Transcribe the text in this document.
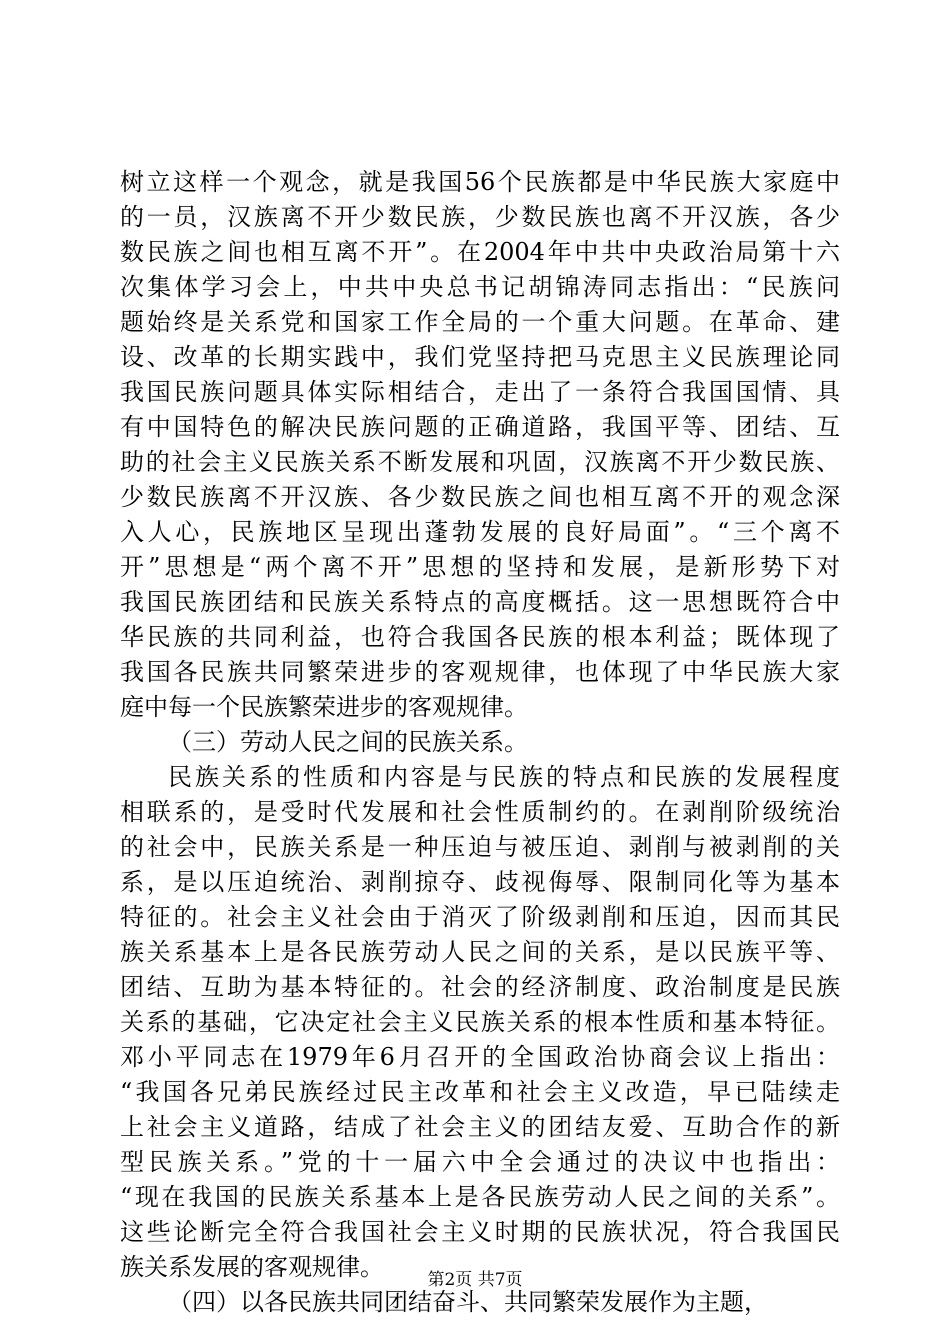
树立这样一个观念，就是我国56个民族都是中华民族大家庭中
的一员，汉族离不开少数民族，少数民族也离不开汉族，各少
数民族之间也相互离不开”。在2004年中共中央政治局第十六
次集体学习会上，中共中央总书记胡锦涛同志指出：“民族问
题始终是关系党和国家工作全局的一个重大问题。在革命、建
设、改革的长期实践中，我们党坚持把马克思主义民族理论同
我国民族问题具体实际相结合，走出了一条符合我国国情、具
有中国特色的解决民族问题的正确道路，我国平等、团结、互
助的社会主义民族关系不断发展和巩固，汉族离不开少数民族、
少数民族离不开汉族、各少数民族之间也相互离不开的观念深
入人心，民族地区呈现出蓬勃发展的良好局面”。“三个离不
开”思想是“两个离不开”思想的坚持和发展，是新形势下对
我国民族团结和民族关系特点的高度概括。这一思想既符合中
华民族的共同利益，也符合我国各民族的根本利益；既体现了
我国各民族共同繁荣进步的客观规律，也体现了中华民族大家
庭中每一个民族繁荣进步的客观规律。
（三）劳动人民之间的民族关系。
民族关系的性质和内容是与民族的特点和民族的发展程度
相联系的，是受时代发展和社会性质制约的。在剥削阶级统治
的社会中，民族关系是一种压迫与被压迫、剥削与被剥削的关
系，是以压迫统治、剥削掠夺、歧视侮辱、限制同化等为基本
特征的。社会主义社会由于消灭了阶级剥削和压迫，因而其民
族关系基本上是各民族劳动人民之间的关系，是以民族平等、
团结、互助为基本特征的。社会的经济制度、政治制度是民族
关系的基础，它决定社会主义民族关系的根本性质和基本特征。
邓小平同志在1979年6月召开的全国政治协商会议上指出：
“我国各兄弟民族经过民主改革和社会主义改造，早已陆续走
上社会主义道路，结成了社会主义的团结友爱、互助合作的新
型民族关系。”党的十一届六中全会通过的决议中也指出：
“现在我国的民族关系基本上是各民族劳动人民之间的关系”。
这些论断完全符合我国社会主义时期的民族状况，符合我国民
族关系发展的客观规律。
（四）以各民族共同团结奋斗、共同繁荣发展作为主题，
第2页 共7页
